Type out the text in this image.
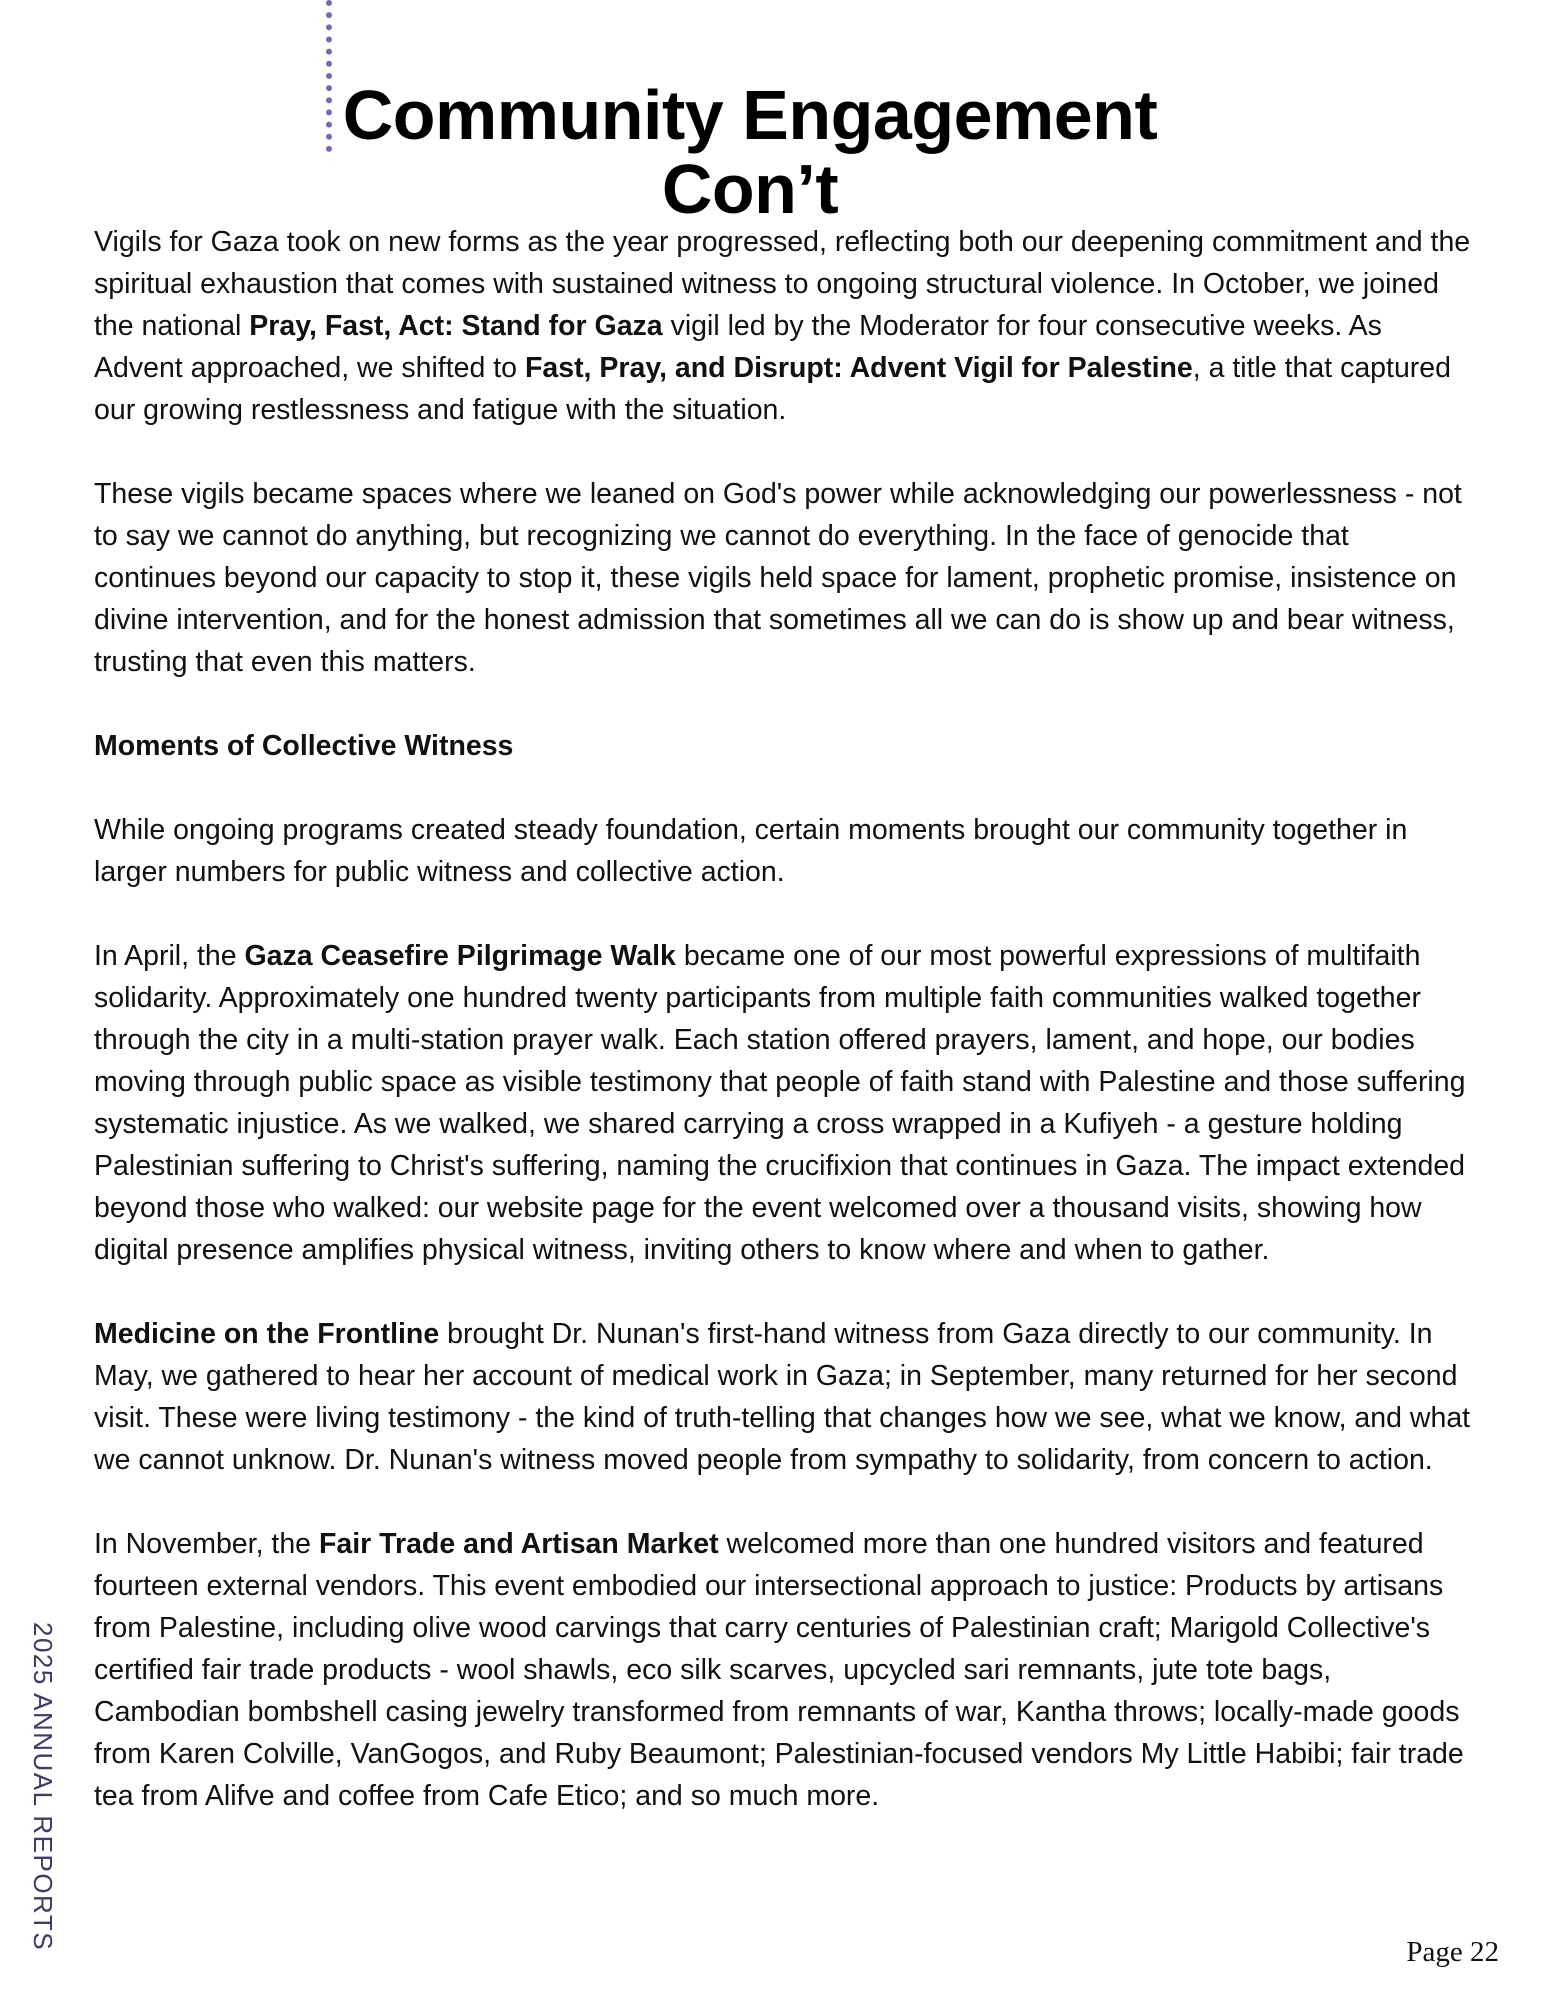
Community Engagement
Con’t

Vigils for Gaza took on new forms as the year progressed, reflecting both our deepening commitment and the spiritual exhaustion that comes with sustained witness to ongoing structural violence. In October, we joined the national Pray, Fast, Act: Stand for Gaza vigil led by the Moderator for four consecutive weeks. As Advent approached, we shifted to Fast, Pray, and Disrupt: Advent Vigil for Palestine, a title that captured our growing restlessness and fatigue with the situation.

These vigils became spaces where we leaned on God's power while acknowledging our powerlessness - not to say we cannot do anything, but recognizing we cannot do everything. In the face of genocide that continues beyond our capacity to stop it, these vigils held space for lament, prophetic promise, insistence on divine intervention, and for the honest admission that sometimes all we can do is show up and bear witness, trusting that even this matters.

Moments of Collective Witness

While ongoing programs created steady foundation, certain moments brought our community together in larger numbers for public witness and collective action.

In April, the Gaza Ceasefire Pilgrimage Walk became one of our most powerful expressions of multifaith solidarity. Approximately one hundred twenty participants from multiple faith communities walked together through the city in a multi-station prayer walk. Each station offered prayers, lament, and hope, our bodies moving through public space as visible testimony that people of faith stand with Palestine and those suffering systematic injustice. As we walked, we shared carrying a cross wrapped in a Kufiyeh - a gesture holding Palestinian suffering to Christ's suffering, naming the crucifixion that continues in Gaza. The impact extended beyond those who walked: our website page for the event welcomed over a thousand visits, showing how digital presence amplifies physical witness, inviting others to know where and when to gather.

Medicine on the Frontline brought Dr. Nunan's first-hand witness from Gaza directly to our community. In May, we gathered to hear her account of medical work in Gaza; in September, many returned for her second visit. These were living testimony - the kind of truth-telling that changes how we see, what we know, and what we cannot unknow. Dr. Nunan's witness moved people from sympathy to solidarity, from concern to action.

In November, the Fair Trade and Artisan Market welcomed more than one hundred visitors and featured fourteen external vendors. This event embodied our intersectional approach to justice: Products by artisans from Palestine, including olive wood carvings that carry centuries of Palestinian craft; Marigold Collective's certified fair trade products - wool shawls, eco silk scarves, upcycled sari remnants, jute tote bags, Cambodian bombshell casing jewelry transformed from remnants of war, Kantha throws; locally-made goods from Karen Colville, VanGogos, and Ruby Beaumont; Palestinian-focused vendors My Little Habibi; fair trade tea from Alifve and coffee from Cafe Etico; and so much more.

2025 ANNUAL REPORTS
Page 22
